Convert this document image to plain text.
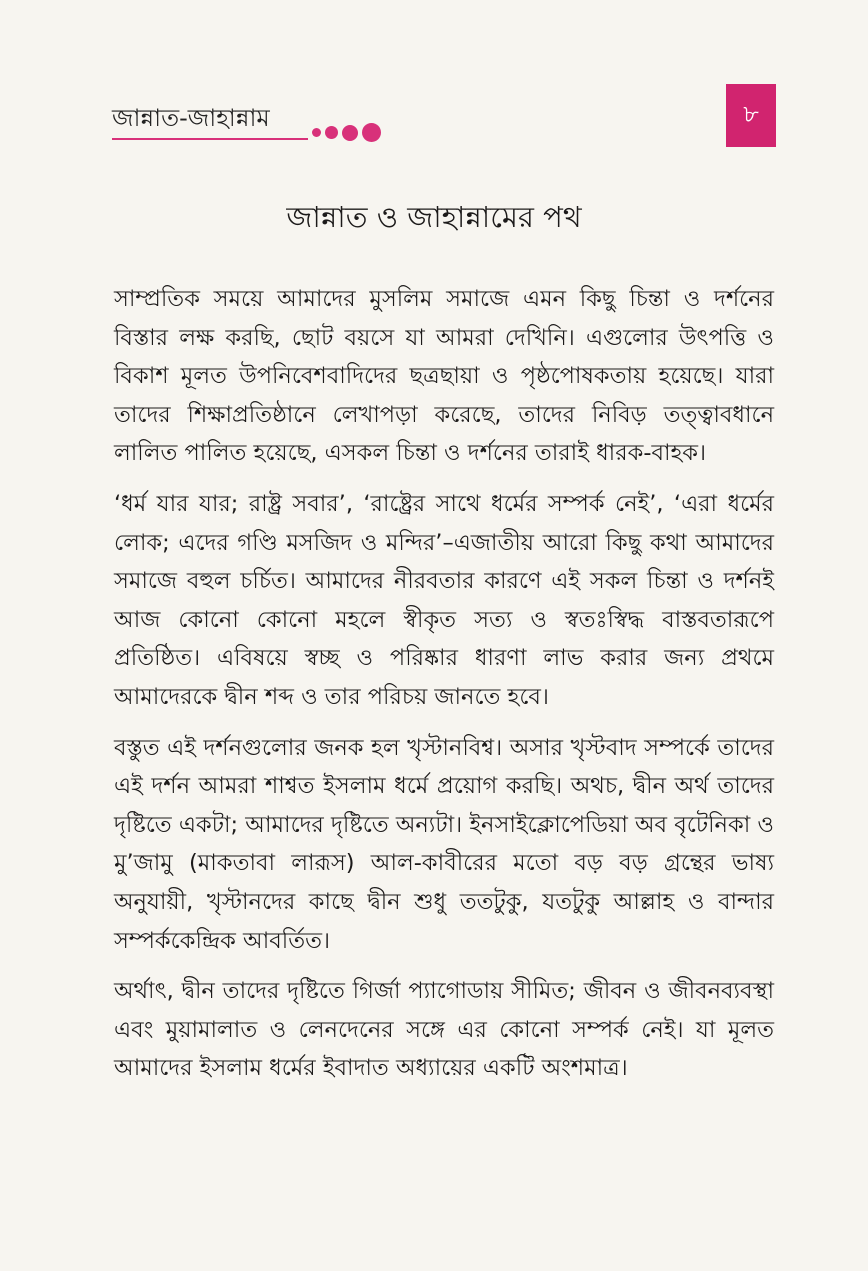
জান্নাত-জাহান্নাম	৮
জান্নাত ও জাহান্নামের পথ

সাম্প্রতিক সময়ে আমাদের মুসলিম সমাজে এমন কিছু চিন্তা ও দর্শনের বিস্তার লক্ষ করছি, ছোট বয়সে যা আমরা দেখিনি। এগুলোর উৎপত্তি ও বিকাশ মূলত উপনিবেশবাদিদের ছত্রছায়া ও পৃষ্ঠপোষকতায় হয়েছে। যারা তাদের শিক্ষাপ্রতিষ্ঠানে লেখাপড়া করেছে, তাদের নিবিড় তত্ত্বাবধানে লালিত পালিত হয়েছে, এসকল চিন্তা ও দর্শনের তারাই ধারক-বাহক।

‘ধর্ম যার যার; রাষ্ট্র সবার’, ‘রাষ্ট্রের সাথে ধর্মের সম্পর্ক নেই’, ‘এরা ধর্মের লোক; এদের গণ্ডি মসজিদ ও মন্দির’–এজাতীয় আরো কিছু কথা আমাদের সমাজে বহুল চর্চিত। আমাদের নীরবতার কারণে এই সকল চিন্তা ও দর্শনই আজ কোনো কোনো মহলে স্বীকৃত সত্য ও স্বতঃস্বিদ্ধ বাস্তবতারূপে প্রতিষ্ঠিত। এবিষয়ে স্বচ্ছ ও পরিষ্কার ধারণা লাভ করার জন্য প্রথমে আমাদেরকে দ্বীন শব্দ ও তার পরিচয় জানতে হবে।

বস্তুত এই দর্শনগুলোর জনক হল খৃস্টানবিশ্ব। অসার খৃস্টবাদ সম্পর্কে তাদের এই দর্শন আমরা শাশ্বত ইসলাম ধর্মে প্রয়োগ করছি। অথচ, দ্বীন অর্থ তাদের দৃষ্টিতে একটা; আমাদের দৃষ্টিতে অন্যটা। ইনসাইক্লোপেডিয়া অব বৃটেনিকা ও মু’জামু (মাকতাবা লারূস) আল-কাবীরের মতো বড় বড় গ্রন্থের ভাষ্য অনুযায়ী, খৃস্টানদের কাছে দ্বীন শুধু ততটুকু, যতটুকু আল্লাহ ও বান্দার সম্পর্ককেন্দ্রিক আবর্তিত।

অর্থাৎ, দ্বীন তাদের দৃষ্টিতে গির্জা প্যাগোডায় সীমিত; জীবন ও জীবনব্যবস্থা এবং মুয়ামালাত ও লেনদেনের সঙ্গে এর কোনো সম্পর্ক নেই। যা মূলত আমাদের ইসলাম ধর্মের ইবাদাত অধ্যায়ের একটি অংশমাত্র।
